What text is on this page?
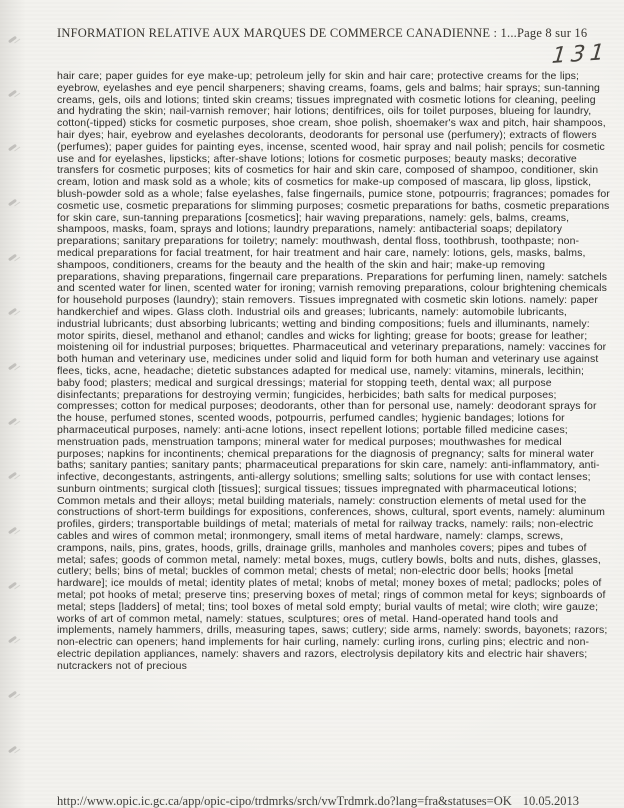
INFORMATION RELATIVE AUX MARQUES DE COMMERCE CANADIENNE : 1... Page 8 sur 16
131
hair care; paper guides for eye make-up; petroleum jelly for skin and hair care; protective creams for the lips; eyebrow, eyelashes and eye pencil sharpeners; shaving creams, foams, gels and balms; hair sprays; sun-tanning creams, gels, oils and lotions; tinted skin creams; tissues impregnated with cosmetic lotions for cleaning, peeling and hydrating the skin; nail-varnish remover; hair lotions; dentifrices, oils for toilet purposes, blueing for laundry, cotton(-tipped) sticks for cosmetic purposes, shoe cream, shoe polish, shoemaker's wax and pitch, hair shampoos, hair dyes; hair, eyebrow and eyelashes decolorants, deodorants for personal use (perfumery); extracts of flowers (perfumes); paper guides for painting eyes, incense, scented wood, hair spray and nail polish; pencils for cosmetic use and for eyelashes, lipsticks; after-shave lotions; lotions for cosmetic purposes; beauty masks; decorative transfers for cosmetic purposes; kits of cosmetics for hair and skin care, composed of shampoo, conditioner, skin cream, lotion and mask sold as a whole; kits of cosmetics for make-up composed of mascara, lip gloss, lipstick, blush-powder sold as a whole; false eyelashes, false fingernails, pumice stone, potpourris; fragrances; pomades for cosmetic use, cosmetic preparations for slimming purposes; cosmetic preparations for baths, cosmetic preparations for skin care, sun-tanning preparations [cosmetics]; hair waving preparations, namely: gels, balms, creams, shampoos, masks, foam, sprays and lotions; laundry preparations, namely: antibacterial soaps; depilatory preparations; sanitary preparations for toiletry; namely: mouthwash, dental floss, toothbrush, toothpaste; non-medical preparations for facial treatment, for hair treatment and hair care, namely: lotions, gels, masks, balms, shampoos, conditioners, creams for the beauty and the health of the skin and hair; make-up removing preparations, shaving preparations, fingernail care preparations. Preparations for perfuming linen, namely: satchels and scented water for linen, scented water for ironing; varnish removing preparations, colour brightening chemicals for household purposes (laundry); stain removers. Tissues impregnated with cosmetic skin lotions. namely: paper handkerchief and wipes. Glass cloth. Industrial oils and greases; lubricants, namely: automobile lubricants, industrial lubricants; dust absorbing lubricants; wetting and binding compositions; fuels and illuminants, namely: motor spirits, diesel, methanol and ethanol; candles and wicks for lighting; grease for boots; grease for leather; moistening oil for industrial purposes; briquettes. Pharmaceutical and veterinary preparations, namely: vaccines for both human and veterinary use, medicines under solid and liquid form for both human and veterinary use against flees, ticks, acne, headache; dietetic substances adapted for medical use, namely: vitamins, minerals, lecithin; baby food; plasters; medical and surgical dressings; material for stopping teeth, dental wax; all purpose disinfectants; preparations for destroying vermin; fungicides, herbicides; bath salts for medical purposes; compresses; cotton for medical purposes; deodorants, other than for personal use, namely: deodorant sprays for the house, perfumed stones, scented woods, potpourris, perfumed candles; hygienic bandages; lotions for pharmaceutical purposes, namely: anti-acne lotions, insect repellent lotions; portable filled medicine cases; menstruation pads, menstruation tampons; mineral water for medical purposes; mouthwashes for medical purposes; napkins for incontinents; chemical preparations for the diagnosis of pregnancy; salts for mineral water baths; sanitary panties; sanitary pants; pharmaceutical preparations for skin care, namely: anti-inflammatory, anti-infective, decongestants, astringents, anti-allergy solutions; smelling salts; solutions for use with contact lenses; sunburn ointments; surgical cloth [tissues]; surgical tissues; tissues impregnated with pharmaceutical lotions; Common metals and their alloys; metal building materials, namely: construction elements of metal used for the constructions of short-term buildings for expositions, conferences, shows, cultural, sport events, namely: aluminum profiles, girders; transportable buildings of metal; materials of metal for railway tracks, namely: rails; non-electric cables and wires of common metal; ironmongery, small items of metal hardware, namely: clamps, screws, crampons, nails, pins, grates, hoods, grills, drainage grills, manholes and manholes covers; pipes and tubes of metal; safes; goods of common metal, namely: metal boxes, mugs, cutlery bowls, bolts and nuts, dishes, glasses, cutlery; bells; bins of metal; buckles of common metal; chests of metal; non-electric door bells; hooks [metal hardware]; ice moulds of metal; identity plates of metal; knobs of metal; money boxes of metal; padlocks; poles of metal; pot hooks of metal; preserve tins; preserving boxes of metal; rings of common metal for keys; signboards of metal; steps [ladders] of metal; tins; tool boxes of metal sold empty; burial vaults of metal; wire cloth; wire gauze; works of art of common metal, namely: statues, sculptures; ores of metal. Hand-operated hand tools and implements, namely hammers, drills, measuring tapes, saws; cutlery; side arms, namely: swords, bayonets; razors; non-electric can openers; hand implements for hair curling, namely: curling irons, curling pins; electric and non-electric depilation appliances, namely: shavers and razors, electrolysis depilatory kits and electric hair shavers; nutcrackers not of precious
http://www.opic.ic.gc.ca/app/opic-cipo/trdmrks/srch/vwTrdmrk.do?lang=fra&statuses=OK 10.05.2013
